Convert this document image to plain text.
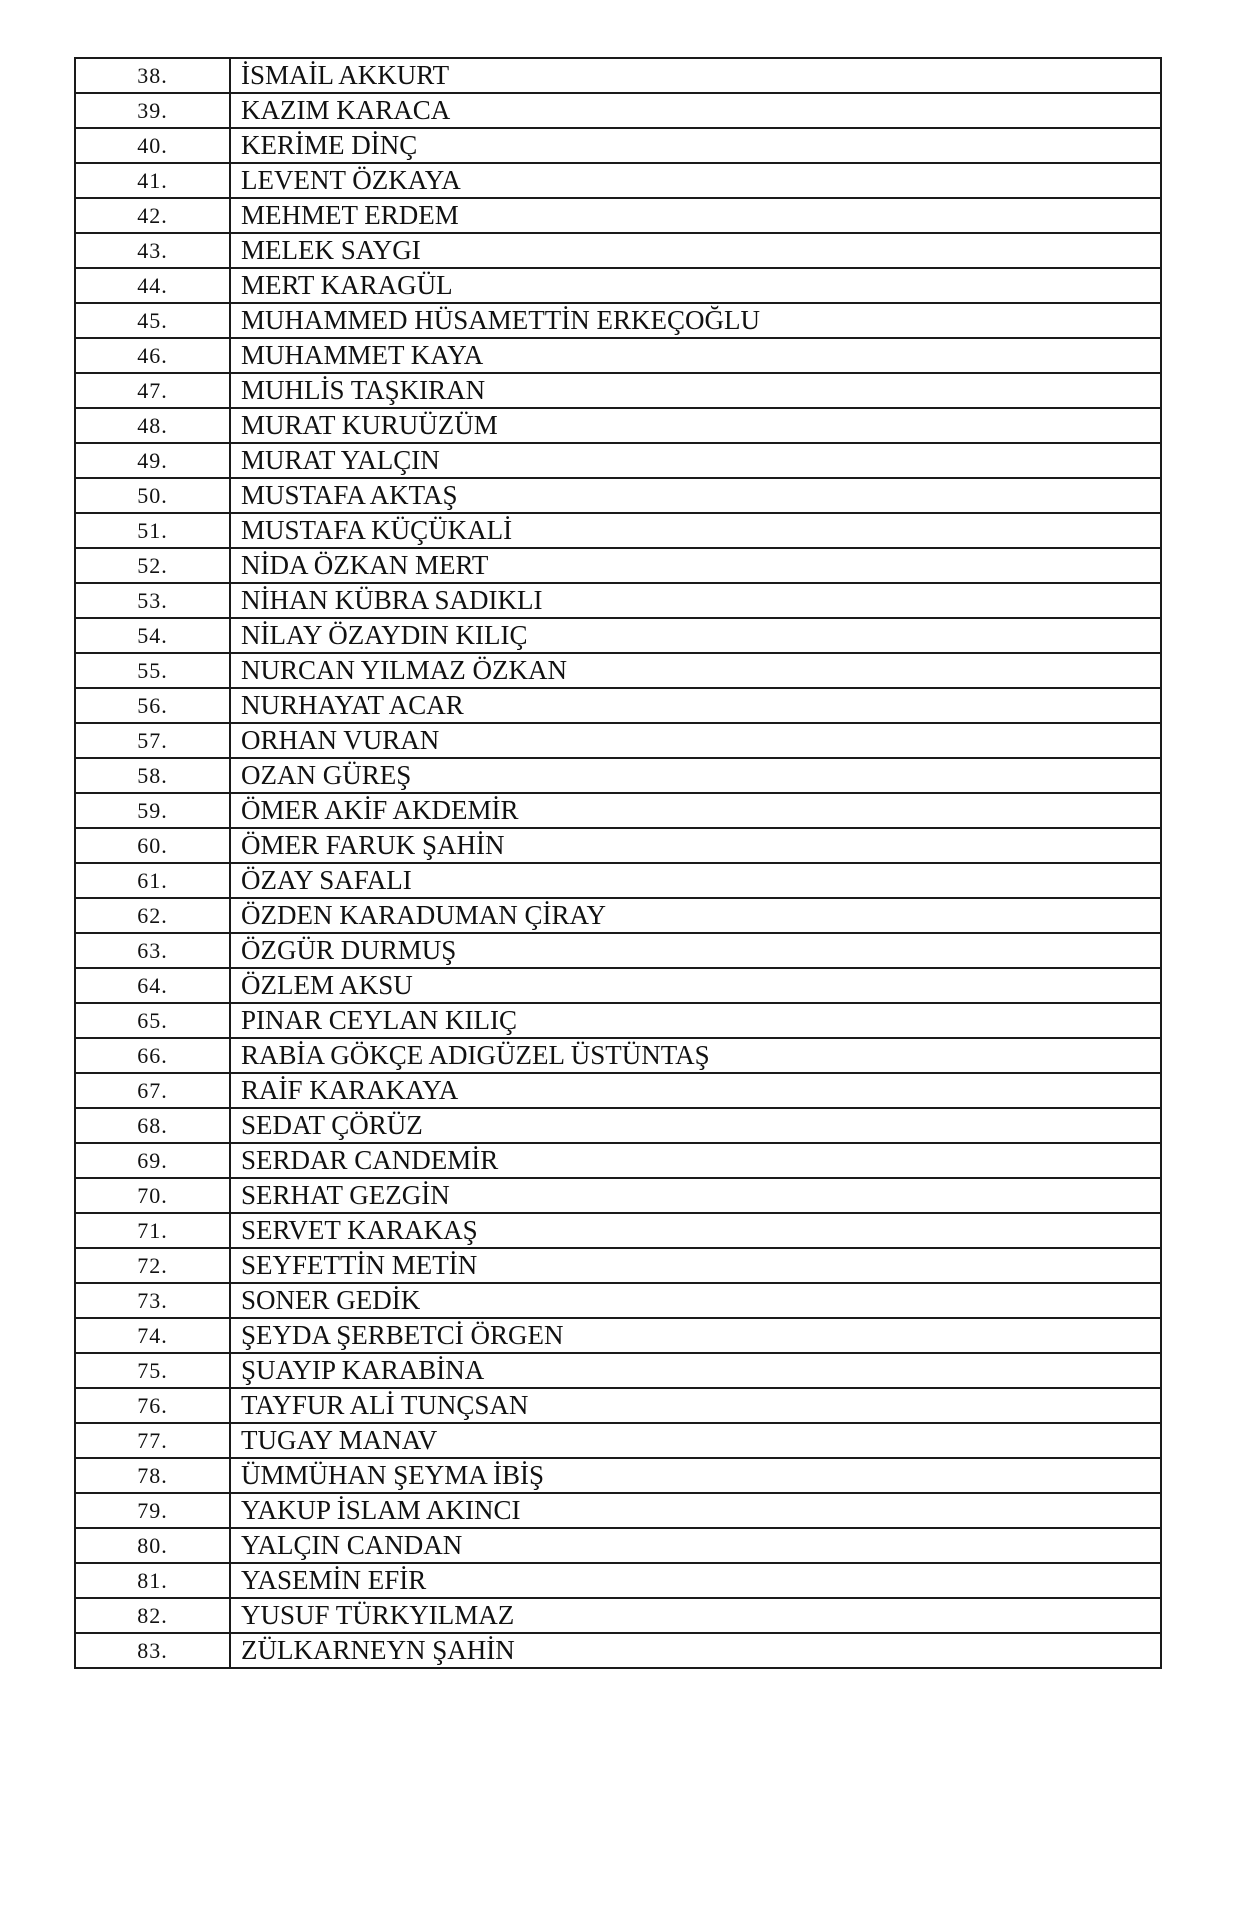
38.	İSMAİL AKKURT
39.	KAZIM KARACA
40.	KERİME DİNÇ
41.	LEVENT ÖZKAYA
42.	MEHMET ERDEM
43.	MELEK SAYGI
44.	MERT KARAGÜL
45.	MUHAMMED HÜSAMETTİN ERKEÇOĞLU
46.	MUHAMMET KAYA
47.	MUHLİS TAŞKIRAN
48.	MURAT KURUÜZÜM
49.	MURAT YALÇIN
50.	MUSTAFA AKTAŞ
51.	MUSTAFA KÜÇÜKALİ
52.	NİDA ÖZKAN MERT
53.	NİHAN KÜBRA SADIKLI
54.	NİLAY ÖZAYDIN KILIÇ
55.	NURCAN YILMAZ ÖZKAN
56.	NURHAYAT ACAR
57.	ORHAN VURAN
58.	OZAN GÜREŞ
59.	ÖMER AKİF AKDEMİR
60.	ÖMER FARUK ŞAHİN
61.	ÖZAY SAFALI
62.	ÖZDEN KARADUMAN ÇİRAY
63.	ÖZGÜR DURMUŞ
64.	ÖZLEM AKSU
65.	PINAR CEYLAN KILIÇ
66.	RABİA GÖKÇE ADIGÜZEL ÜSTÜNTAŞ
67.	RAİF KARAKAYA
68.	SEDAT ÇÖRÜZ
69.	SERDAR CANDEMİR
70.	SERHAT GEZGİN
71.	SERVET KARAKAŞ
72.	SEYFETTİN METİN
73.	SONER GEDİK
74.	ŞEYDA ŞERBETCİ ÖRGEN
75.	ŞUAYIP KARABİNA
76.	TAYFUR ALİ TUNÇSAN
77.	TUGAY MANAV
78.	ÜMMÜHAN ŞEYMA İBİŞ
79.	YAKUP İSLAM AKINCI
80.	YALÇIN CANDAN
81.	YASEMİN EFİR
82.	YUSUF TÜRKYILMAZ
83.	ZÜLKARNEYN ŞAHİN
